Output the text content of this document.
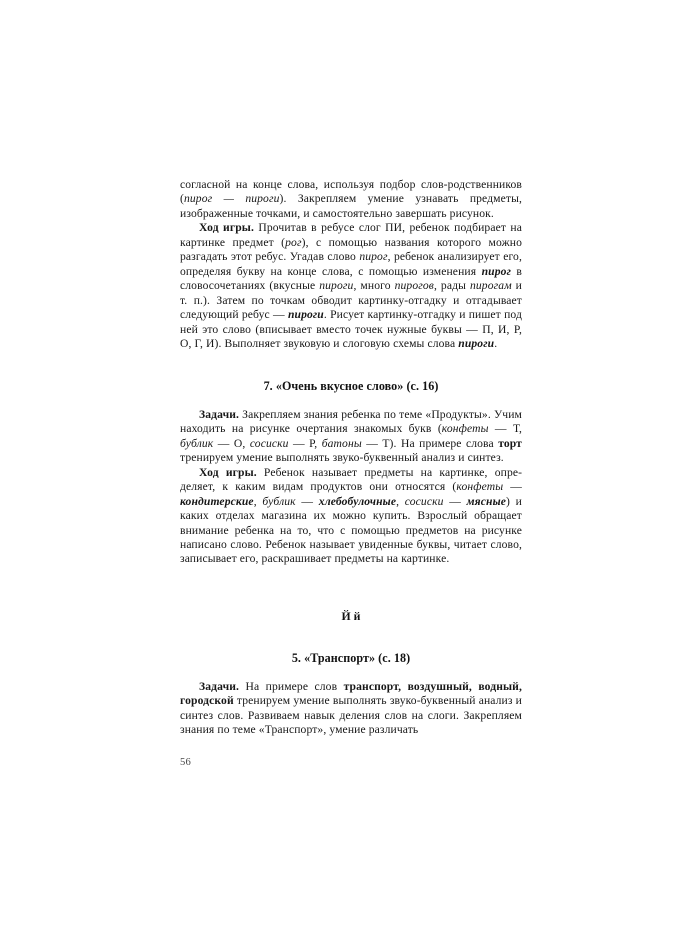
согласной на конце слова, используя подбор слов-родственников (пирог — пироги). Закрепляем умение узнавать предметы, изображенные точками, и самостоятельно завершать рисунок.

Ход игры. Прочитав в ребусе слог ПИ, ребенок подбирает на картинке предмет (рог), с помощью названия которого можно разгадать этот ребус. Угадав слово пирог, ребенок анализирует его, определяя букву на конце слова, с помощью изменения пирог в словосочетаниях (вкусные пироги, много пирогов, рады пирогам и т. п.). Затем по точкам обводит картинку-отгадку и отгадывает следующий ребус — пироги. Рисует картинку-отгадку и пишет под ней это слово (вписывает вместо точек нужные буквы — П, И, Р, О, Г, И). Выполняет звуковую и слоговую схемы слова пироги.

7. «Очень вкусное слово» (с. 16)

Задачи. Закрепляем знания ребенка по теме «Продукты». Учим находить на рисунке очертания знакомых букв (конфеты — Т, бублик — О, сосиски — Р, батоны — Т). На примере слова торт тренируем умение выполнять звуко-буквенный анализ и синтез.

Ход игры. Ребенок называет предметы на картинке, определяет, к каким видам продуктов они относятся (конфеты — кондитерские, бублик — хлебобулочные, сосиски — мясные) и каких отделах магазина их можно купить. Взрослый обращает внимание ребенка на то, что с помощью предметов на рисунке написано слово. Ребенок называет увиденные буквы, читает слово, записывает его, раскрашивает предметы на картинке.

Й й
5. «Транспорт» (с. 18)

Задачи. На примере слов транспорт, воздушный, водный, городской тренируем умение выполнять звуко-буквенный анализ и синтез слов. Развиваем навык деления слов на слоги. Закрепляем знания по теме «Транспорт», умение различать

56
